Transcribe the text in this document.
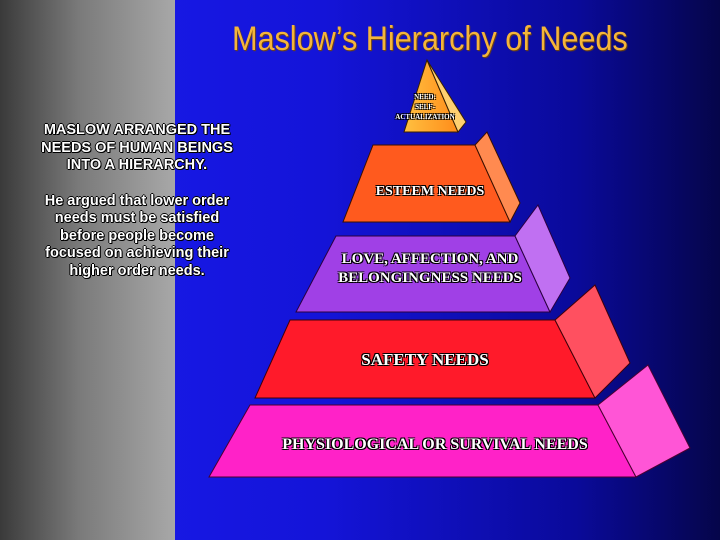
Maslow’s Hierarchy of Needs

MASLOW ARRANGED THE NEEDS OF HUMAN BEINGS INTO A HIERARCHY.

He argued that lower order needs must be satisfied before people become focused on achieving their higher order needs.

NEED:
SELF-
ACTUALIZATION
ESTEEM NEEDS
LOVE, AFFECTION, AND
BELONGINGNESS NEEDS
SAFETY NEEDS
PHYSIOLOGICAL OR SURVIVAL NEEDS
